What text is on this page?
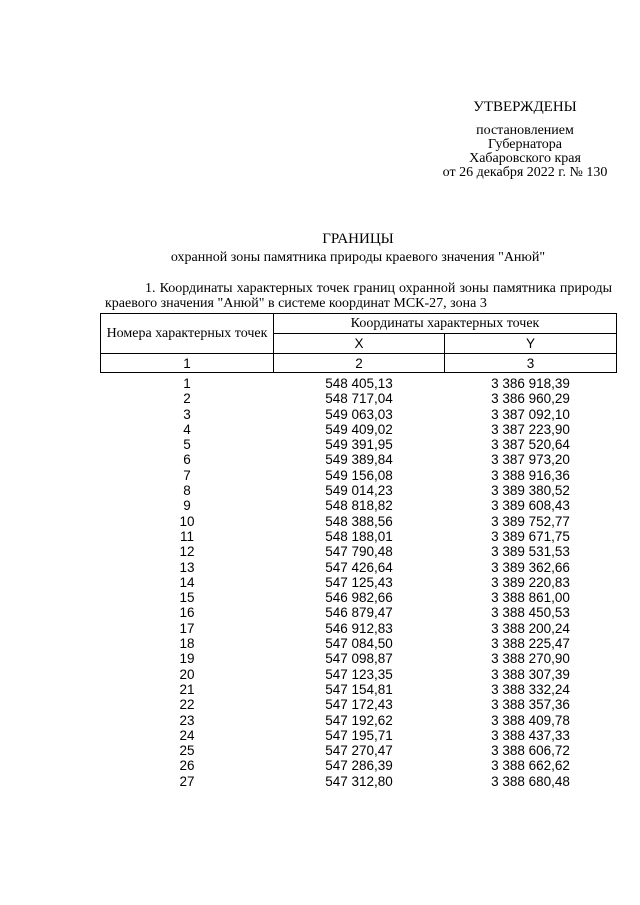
УТВЕРЖДЕНЫ
постановлением
Губернатора
Хабаровского края
от 26 декабря 2022 г. № 130
ГРАНИЦЫ
охранной зоны памятника природы краевого значения "Анюй"
1. Координаты характерных точек границ охранной зоны памятника природы краевого значения "Анюй" в системе координат МСК-27, зона 3
Номера характерных точек	Координаты характерных точек	
	X	Y
1	2	3
1	548 405,13	3 386 918,39
2	548 717,04	3 386 960,29
3	549 063,03	3 387 092,10
4	549 409,02	3 387 223,90
5	549 391,95	3 387 520,64
6	549 389,84	3 387 973,20
7	549 156,08	3 388 916,36
8	549 014,23	3 389 380,52
9	548 818,82	3 389 608,43
10	548 388,56	3 389 752,77
11	548 188,01	3 389 671,75
12	547 790,48	3 389 531,53
13	547 426,64	3 389 362,66
14	547 125,43	3 389 220,83
15	546 982,66	3 388 861,00
16	546 879,47	3 388 450,53
17	546 912,83	3 388 200,24
18	547 084,50	3 388 225,47
19	547 098,87	3 388 270,90
20	547 123,35	3 388 307,39
21	547 154,81	3 388 332,24
22	547 172,43	3 388 357,36
23	547 192,62	3 388 409,78
24	547 195,71	3 388 437,33
25	547 270,47	3 388 606,72
26	547 286,39	3 388 662,62
27	547 312,80	3 388 680,48
